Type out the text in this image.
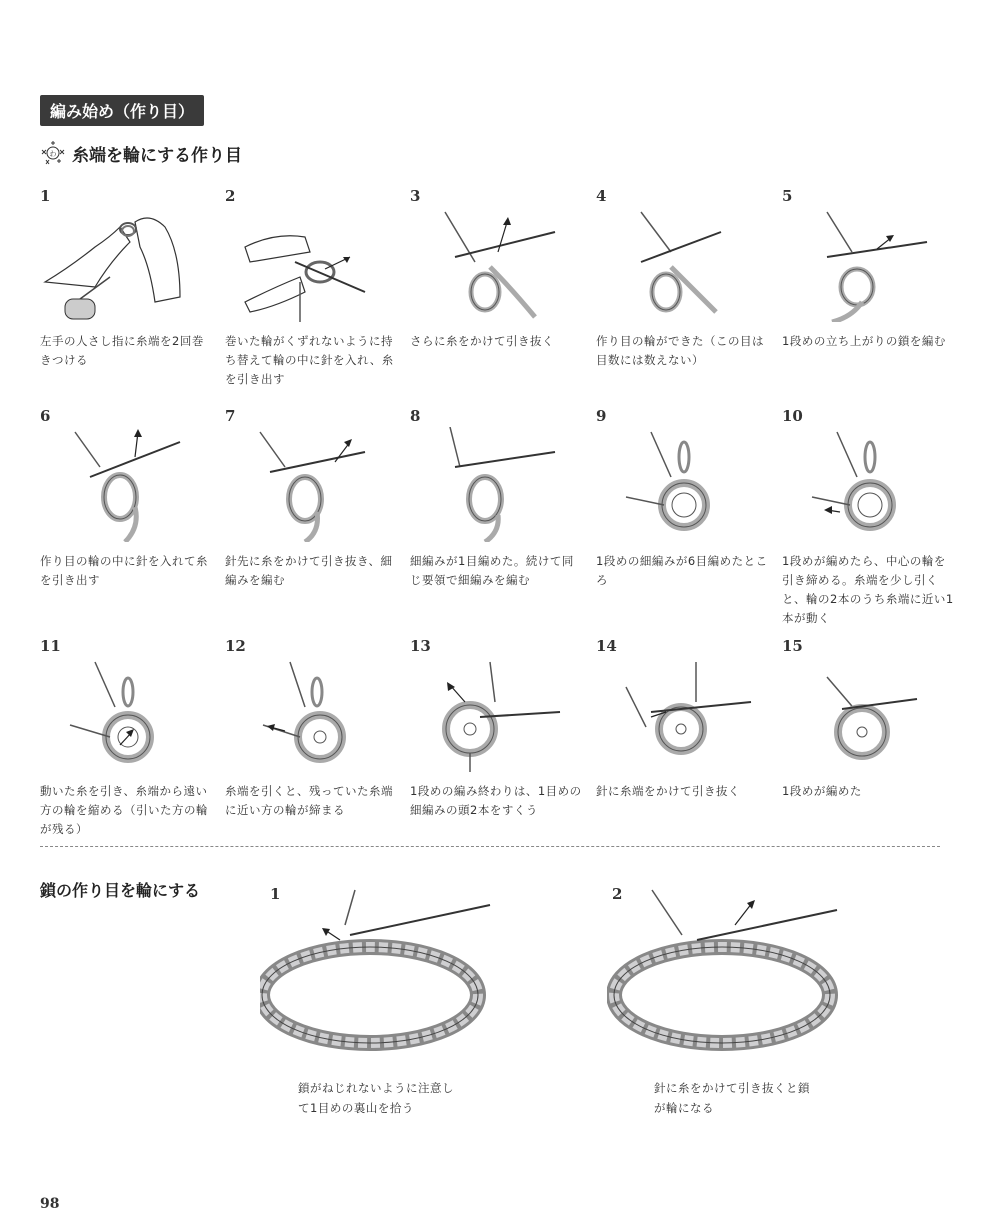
編み始め（作り目）
わ 糸端を輪にする作り目
1
左手の人さし指に糸端を2回巻きつける
2
巻いた輪がくずれないように持ち替えて輪の中に針を入れ、糸を引き出す
3
さらに糸をかけて引き抜く
4
作り目の輪ができた（この目は目数には数えない）
5
1段めの立ち上がりの鎖を編む
6
作り目の輪の中に針を入れて糸を引き出す
7
針先に糸をかけて引き抜き、細編みを編む
8
細編みが1目編めた。続けて同じ要領で細編みを編む
9
1段めの細編みが6目編めたところ
10
1段めが編めたら、中心の輪を引き締める。糸端を少し引くと、輪の2本のうち糸端に近い1本が動く
11
動いた糸を引き、糸端から遠い方の輪を縮める（引いた方の輪が残る）
12
糸端を引くと、残っていた糸端に近い方の輪が締まる
13
1段めの編み終わりは、1目めの細編みの頭2本をすくう
14
針に糸端をかけて引き抜く
15
1段めが編めた
鎖の作り目を輪にする	1
鎖がねじれないように注意し
て1目めの裏山を拾う
2
針に糸をかけて引き抜くと鎖
が輪になる
98
